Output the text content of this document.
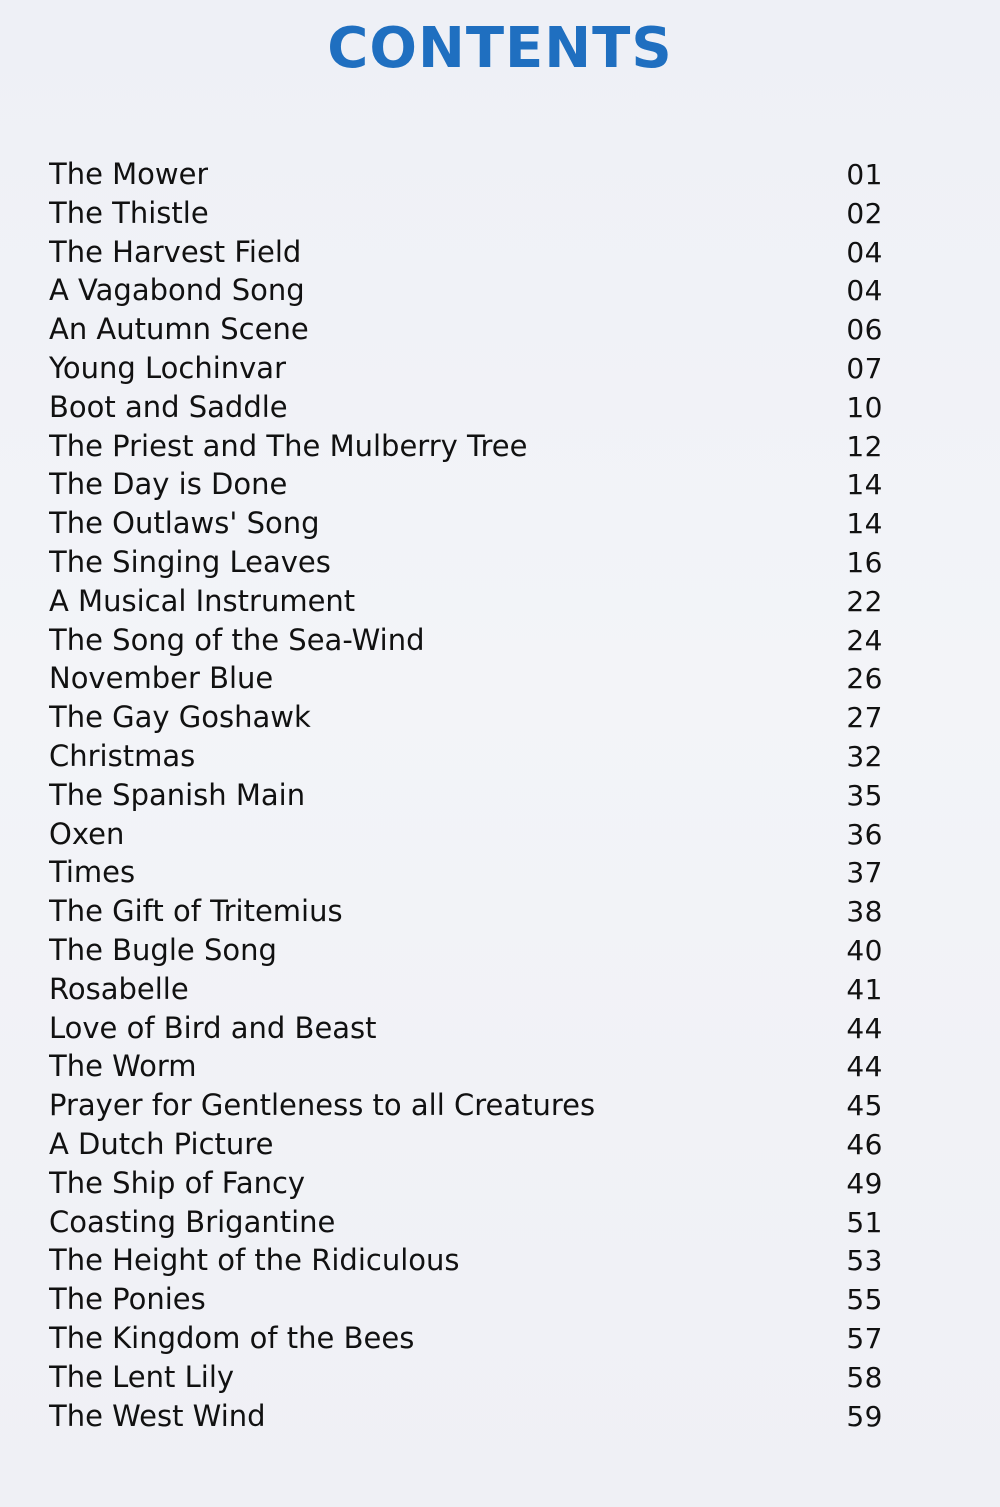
CONTENTS
The Mower	01
The Thistle	02
The Harvest Field	04
A Vagabond Song	04
An Autumn Scene	06
Young Lochinvar	07
Boot and Saddle	10
The Priest and The Mulberry Tree	12
The Day is Done	14
The Outlaws' Song	14
The Singing Leaves	16
A Musical Instrument	22
The Song of the Sea-Wind	24
November Blue	26
The Gay Goshawk	27
Christmas	32
The Spanish Main	35
Oxen	36
Times	37
The Gift of Tritemius	38
The Bugle Song	40
Rosabelle	41
Love of Bird and Beast	44
The Worm	44
Prayer for Gentleness to all Creatures	45
A Dutch Picture	46
The Ship of Fancy	49
Coasting Brigantine	51
The Height of the Ridiculous	53
The Ponies	55
The Kingdom of the Bees	57
The Lent Lily	58
The West Wind	59
